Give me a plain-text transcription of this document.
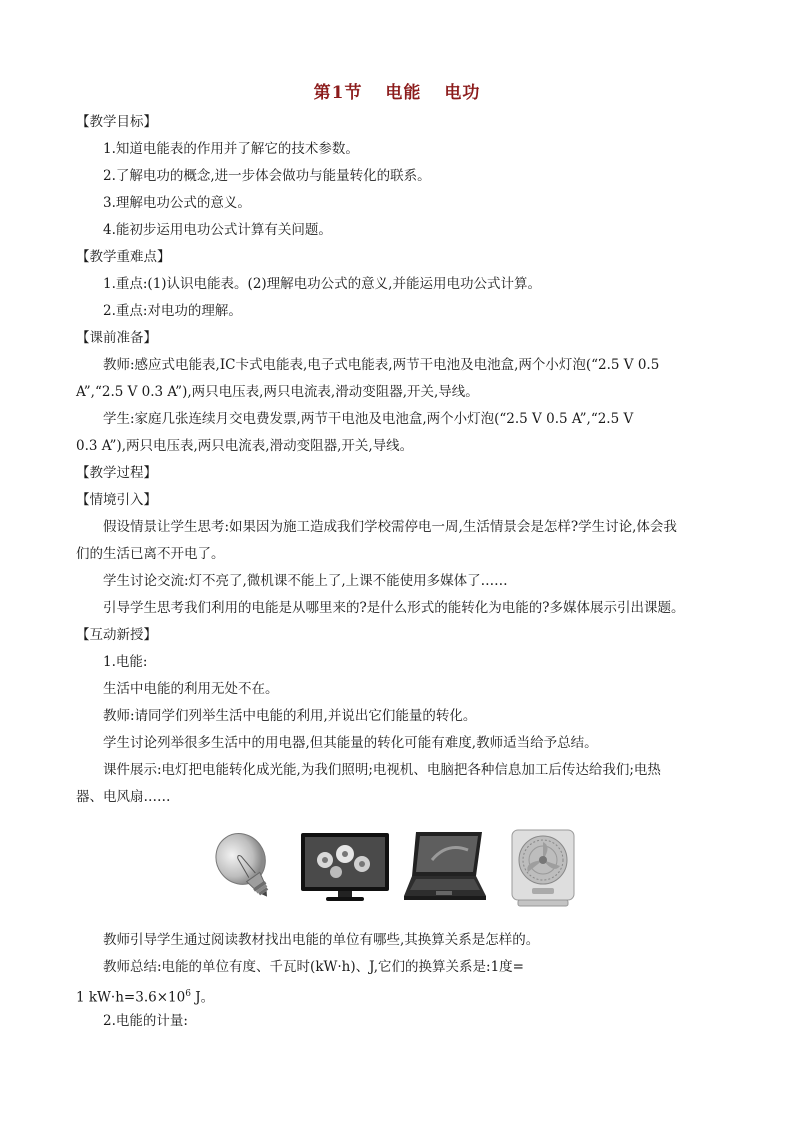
第1节 电能 电功
【教学目标】
1.知道电能表的作用并了解它的技术参数。
2.了解电功的概念,进一步体会做功与能量转化的联系。
3.理解电功公式的意义。
4.能初步运用电功公式计算有关问题。
【教学重难点】
1.重点:(1)认识电能表。(2)理解电功公式的意义,并能运用电功公式计算。
2.重点:对电功的理解。
【课前准备】
教师:感应式电能表,IC卡式电能表,电子式电能表,两节干电池及电池盒,两个小灯泡(“2.5 V 0.5
A”,“2.5 V 0.3 A”),两只电压表,两只电流表,滑动变阻器,开关,导线。
学生:家庭几张连续月交电费发票,两节干电池及电池盒,两个小灯泡(“2.5 V 0.5 A”,“2.5 V
0.3 A”),两只电压表,两只电流表,滑动变阻器,开关,导线。
【教学过程】
【情境引入】
假设情景让学生思考:如果因为施工造成我们学校需停电一周,生活情景会是怎样?学生讨论,体会我
们的生活已离不开电了。
学生讨论交流:灯不亮了,微机课不能上了,上课不能使用多媒体了……
引导学生思考我们利用的电能是从哪里来的?是什么形式的能转化为电能的?多媒体展示引出课题。
【互动新授】
1.电能:
生活中电能的利用无处不在。
教师:请同学们列举生活中电能的利用,并说出它们能量的转化。
学生讨论列举很多生活中的用电器,但其能量的转化可能有难度,教师适当给予总结。
课件展示:电灯把电能转化成光能,为我们照明;电视机、电脑把各种信息加工后传达给我们;电热
器、电风扇……
教师引导学生通过阅读教材找出电能的单位有哪些,其换算关系是怎样的。
教师总结:电能的单位有度、千瓦时(kW·h)、J,它们的换算关系是:1度=
1 $kW\cdot h=3.6\times 10^6$ J。
2.电能的计量:
